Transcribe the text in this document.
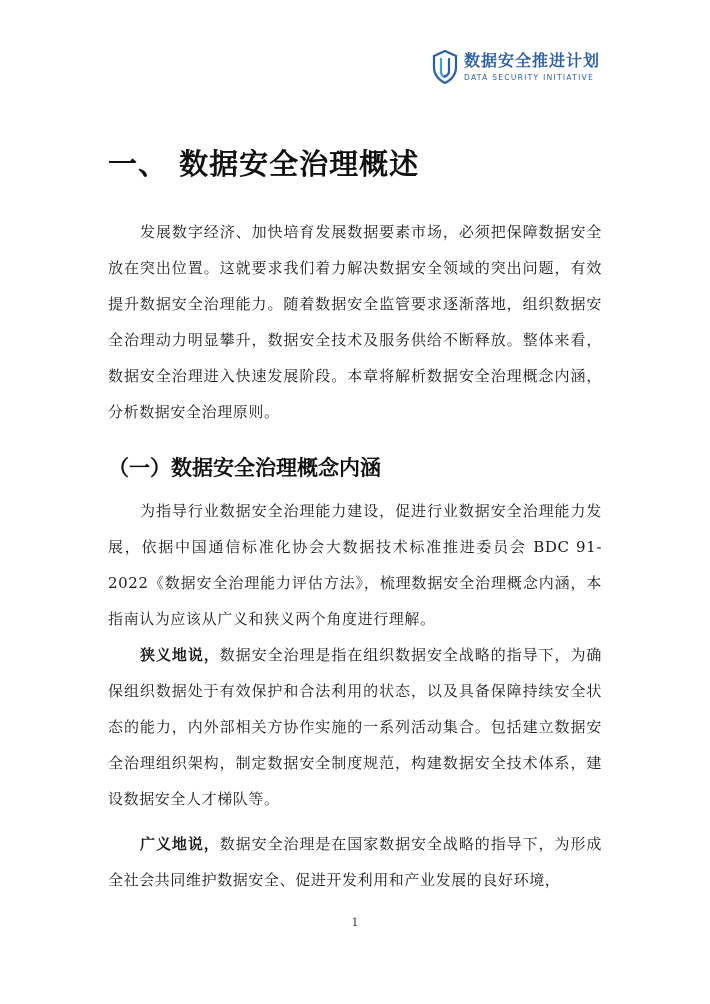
数据安全推进计划
DATA SECURITY INITIATIVE
一、 数据安全治理概述

发展数字经济、加快培育发展数据要素市场，必须把保障数据安全放在突出位置。这就要求我们着力解决数据安全领域的突出问题，有效提升数据安全治理能力。随着数据安全监管要求逐渐落地，组织数据安全治理动力明显攀升，数据安全技术及服务供给不断释放。整体来看，数据安全治理进入快速发展阶段。本章将解析数据安全治理概念内涵，分析数据安全治理原则。

（一）数据安全治理概念内涵

为指导行业数据安全治理能力建设，促进行业数据安全治理能力发展，依据中国通信标准化协会大数据技术标准推进委员会 BDC 91-2022《数据安全治理能力评估方法》，梳理数据安全治理概念内涵，本指南认为应该从广义和狭义两个角度进行理解。

狭义地说，数据安全治理是指在组织数据安全战略的指导下，为确保组织数据处于有效保护和合法利用的状态，以及具备保障持续安全状态的能力，内外部相关方协作实施的一系列活动集合。包括建立数据安全治理组织架构，制定数据安全制度规范，构建数据安全技术体系，建设数据安全人才梯队等。

广义地说，数据安全治理是在国家数据安全战略的指导下，为形成全社会共同维护数据安全、促进开发利用和产业发展的良好环境，

1
